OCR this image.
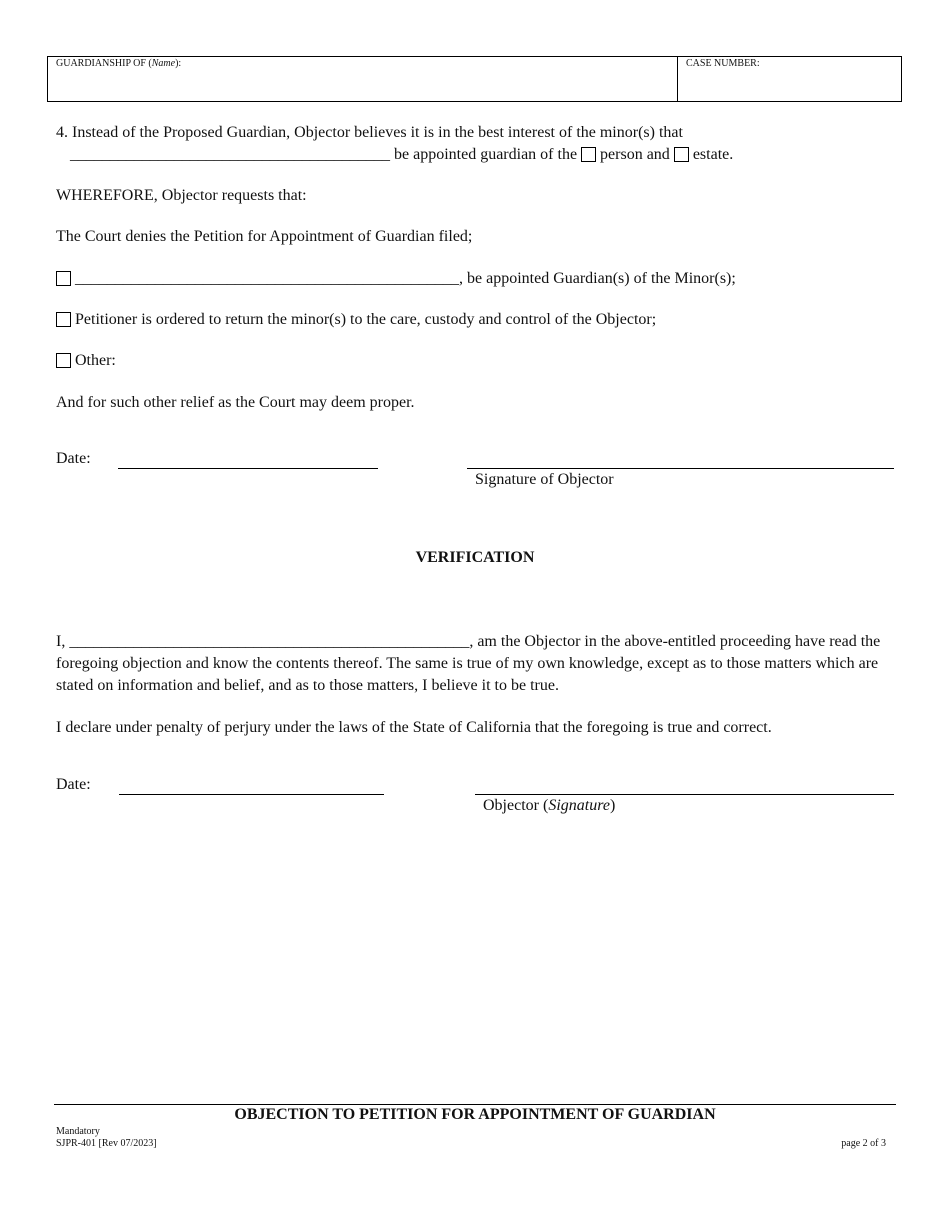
GUARDIANSHIP OF (Name):	CASE NUMBER:
4. Instead of the Proposed Guardian, Objector believes it is in the best interest of the minor(s) that
________________________________________ be appointed guardian of the person and estate.
WHEREFORE, Objector requests that:
The Court denies the Petition for Appointment of Guardian filed;
________________________________________________, be appointed Guardian(s) of the Minor(s);
Petitioner is ordered to return the minor(s) to the care, custody and control of the Objector;
Other:
And for such other relief as the Court may deem proper.
Date:
Signature of Objector
VERIFICATION
I, __________________________________________________, am the Objector in the above-entitled proceeding have read the foregoing objection and know the contents thereof. The same is true of my own knowledge, except as to those matters which are stated on information and belief, and as to those matters, I believe it to be true.
I declare under penalty of perjury under the laws of the State of California that the foregoing is true and correct.
Date:
Objector (Signature)
OBJECTION TO PETITION FOR APPOINTMENT OF GUARDIAN
Mandatory
SJPR-401 [Rev 07/2023]	page 2 of 3
